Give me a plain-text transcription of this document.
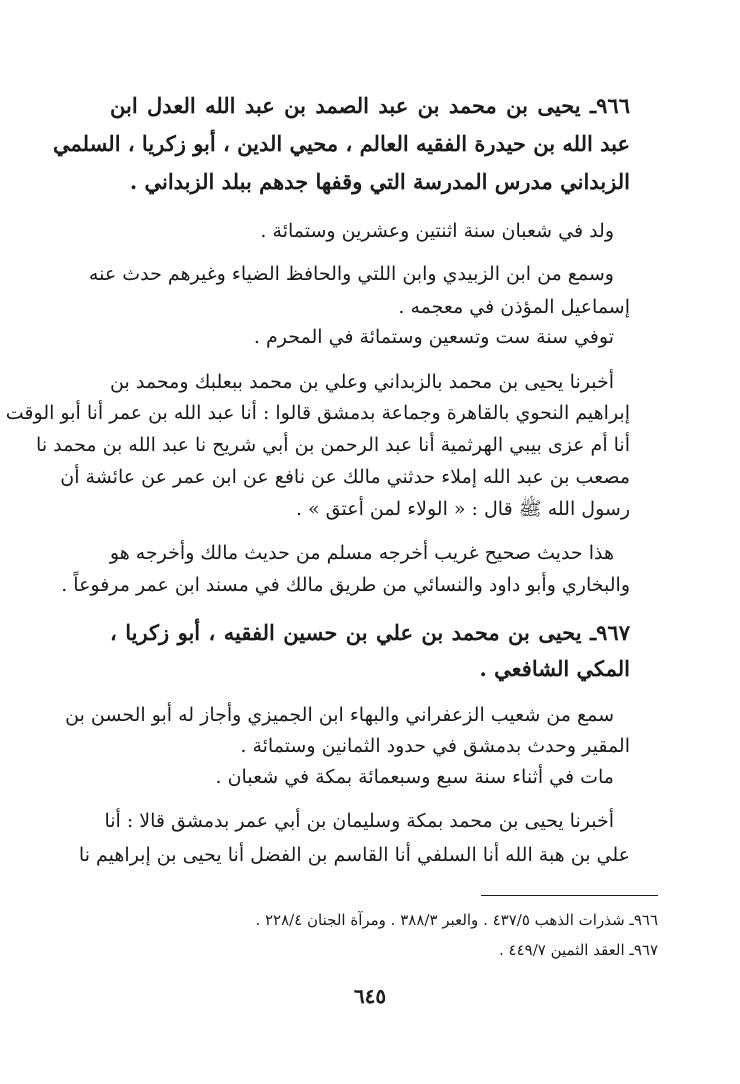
٩٦٦ـ يحيى بن محمد بن عبد الصمد بن عبد الله العدل ابن
عبد الله بن حيدرة الفقيه العالم ، محيي الدين ، أبو زكريا ، السلمي
الزبداني مدرس المدرسة التي وقفها جدهم ببلد الزبداني .
ولد في شعبان سنة اثنتين وعشرين وستمائة .
وسمع من ابن الزبيدي وابن اللتي والحافظ الضياء وغيرهم حدث عنه
إسماعيل المؤذن في معجمه .
توفي سنة ست وتسعين وستمائة في المحرم .
أخبرنا يحيى بن محمد بالزبداني وعلي بن محمد ببعلبك ومحمد بن
إبراهيم النحوي بالقاهرة وجماعة بدمشق قالوا : أنا عبد الله بن عمر أنا أبو الوقت
أنا أم عزى بيبي الهرثمية أنا عبد الرحمن بن أبي شريح نا عبد الله بن محمد نا
مصعب بن عبد الله إملاء حدثني مالك عن نافع عن ابن عمر عن عائشة أن
رسول الله ﷺ قال : « الولاء لمن أعتق » .
هذا حديث صحيح غريب أخرجه مسلم من حديث مالك وأخرجه هو
والبخاري وأبو داود والنسائي من طريق مالك في مسند ابن عمر مرفوعاً .
٩٦٧ـ يحيى بن محمد بن علي بن حسين الفقيه ، أبو زكريا ،
المكي الشافعي .
سمع من شعيب الزعفراني والبهاء ابن الجميزي وأجاز له أبو الحسن بن
المقير وحدث بدمشق في حدود الثمانين وستمائة .
مات في أثناء سنة سبع وسبعمائة بمكة في شعبان .
أخبرنا يحيى بن محمد بمكة وسليمان بن أبي عمر بدمشق قالا : أنا
علي بن هبة الله أنا السلفي أنا القاسم بن الفضل أنا يحيى بن إبراهيم نا
٩٦٦ـ شذرات الذهب ٤٣٧/٥ . والعبر ٣٨٨/٣ . ومرآة الجنان ٢٢٨/٤ .
٩٦٧ـ العقد الثمين ٤٤٩/٧ .
٦٤٥
